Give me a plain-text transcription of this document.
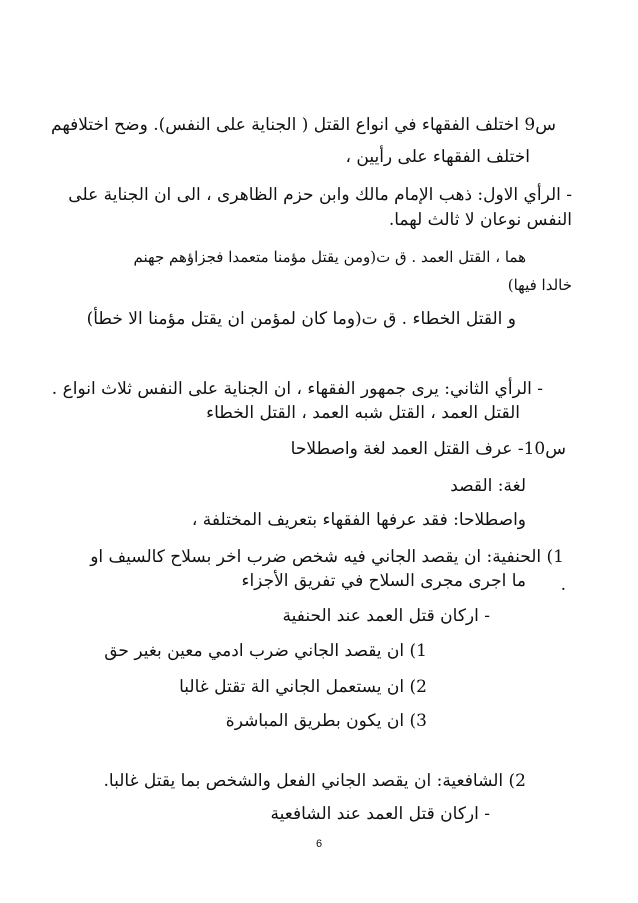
س9 اختلف الفقهاء في انواع القتل ( الجناية على النفس). وضح اختلافهم
اختلف الفقهاء على رأيين ،
- الرأي الاول: ذهب الإمام مالك وابن حزم الظاهرى ، الى ان الجناية على
النفس نوعان لا ثالث لهما.
هما ، القتل العمد . ق ت(ومن يقتل مؤمنا متعمدا فجزاؤهم جهنم
خالدا فيها)
و القتل الخطاء . ق ت(وما كان لمؤمن ان يقتل مؤمنا الا خطأ)
- الرأي الثاني: يرى جمهور الفقهاء ، ان الجناية على النفس ثلاث انواع .
القتل العمد ، القتل شبه العمد ، القتل الخطاء
س10- عرف القتل العمد لغة واصطلاحا
لغة: القصد
واصطلاحا: فقد عرفها الفقهاء بتعريف المختلفة ،
1) الحنفية: ان يقصد الجاني فيه شخص ضرب اخر بسلاح كالسيف او
ما اجرى مجرى السلاح في تفريق الأجزاء .
- اركان قتل العمد عند الحنفية
1) ان يقصد الجاني ضرب ادمي معين بغير حق
2) ان يستعمل الجاني الة تقتل غالبا
3) ان يكون بطريق المباشرة
2) الشافعية: ان يقصد الجاني الفعل والشخص بما يقتل غالبا.
- اركان قتل العمد عند الشافعية
6
